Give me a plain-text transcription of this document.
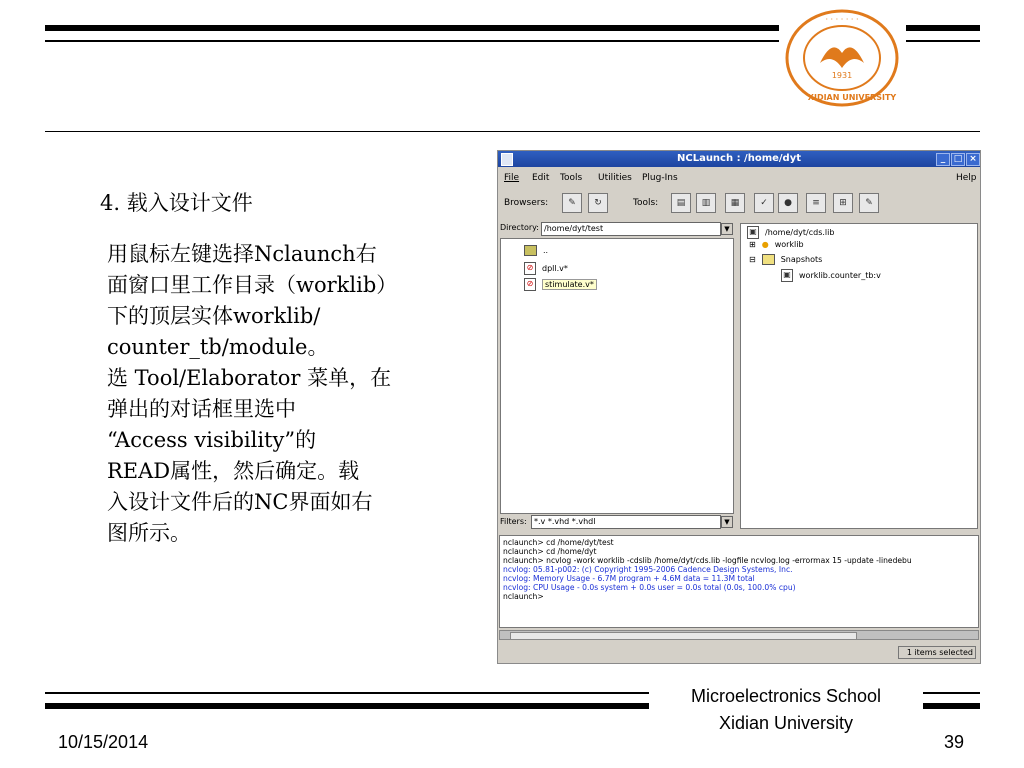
1931
· · · · · · ·
XIDIAN UNIVERSITY
4. 载入设计文件
用鼠标左键选择Nclaunch右
面窗口里工作目录（worklib）
下的顶层实体worklib/
counter_tb/module。
选 Tool/Elaborator 菜单，在
弹出的对话框里选中
“Access visibility”的
READ属性，然后确定。载
入设计文件后的NC界面如右
图所示。
NCLaunch : /home/dyt	_ □ ×
File Edit Tools Utilities Plug-Ins	Help
Browsers:	✎	↻	Tools:	▤	▥	▦	✓	●	≡	⊞	✎
Directory: /home/dyt/test	▼
..
⊘ dpll.v*
⊘ stimulate.v*
Filters: *.v *.vhd *.vhdl	▼
▣ /home/dyt/cds.lib
⊞ ● worklib
⊟	Snapshots
▣ worklib.counter_tb:v
nclaunch> cd /home/dyt/test
nclaunch> cd /home/dyt
nclaunch> ncvlog -work worklib -cdslib /home/dyt/cds.lib -logfile ncvlog.log -errormax 15 -update -linedebu
ncvlog: 05.81-p002: (c) Copyright 1995-2006 Cadence Design Systems, Inc.
ncvlog: Memory Usage - 6.7M program + 4.6M data = 11.3M total
ncvlog: CPU Usage - 0.0s system + 0.0s user = 0.0s total (0.0s, 100.0% cpu)
nclaunch>
1 items selected
Microelectronics School
Xidian University
10/15/2014	39
